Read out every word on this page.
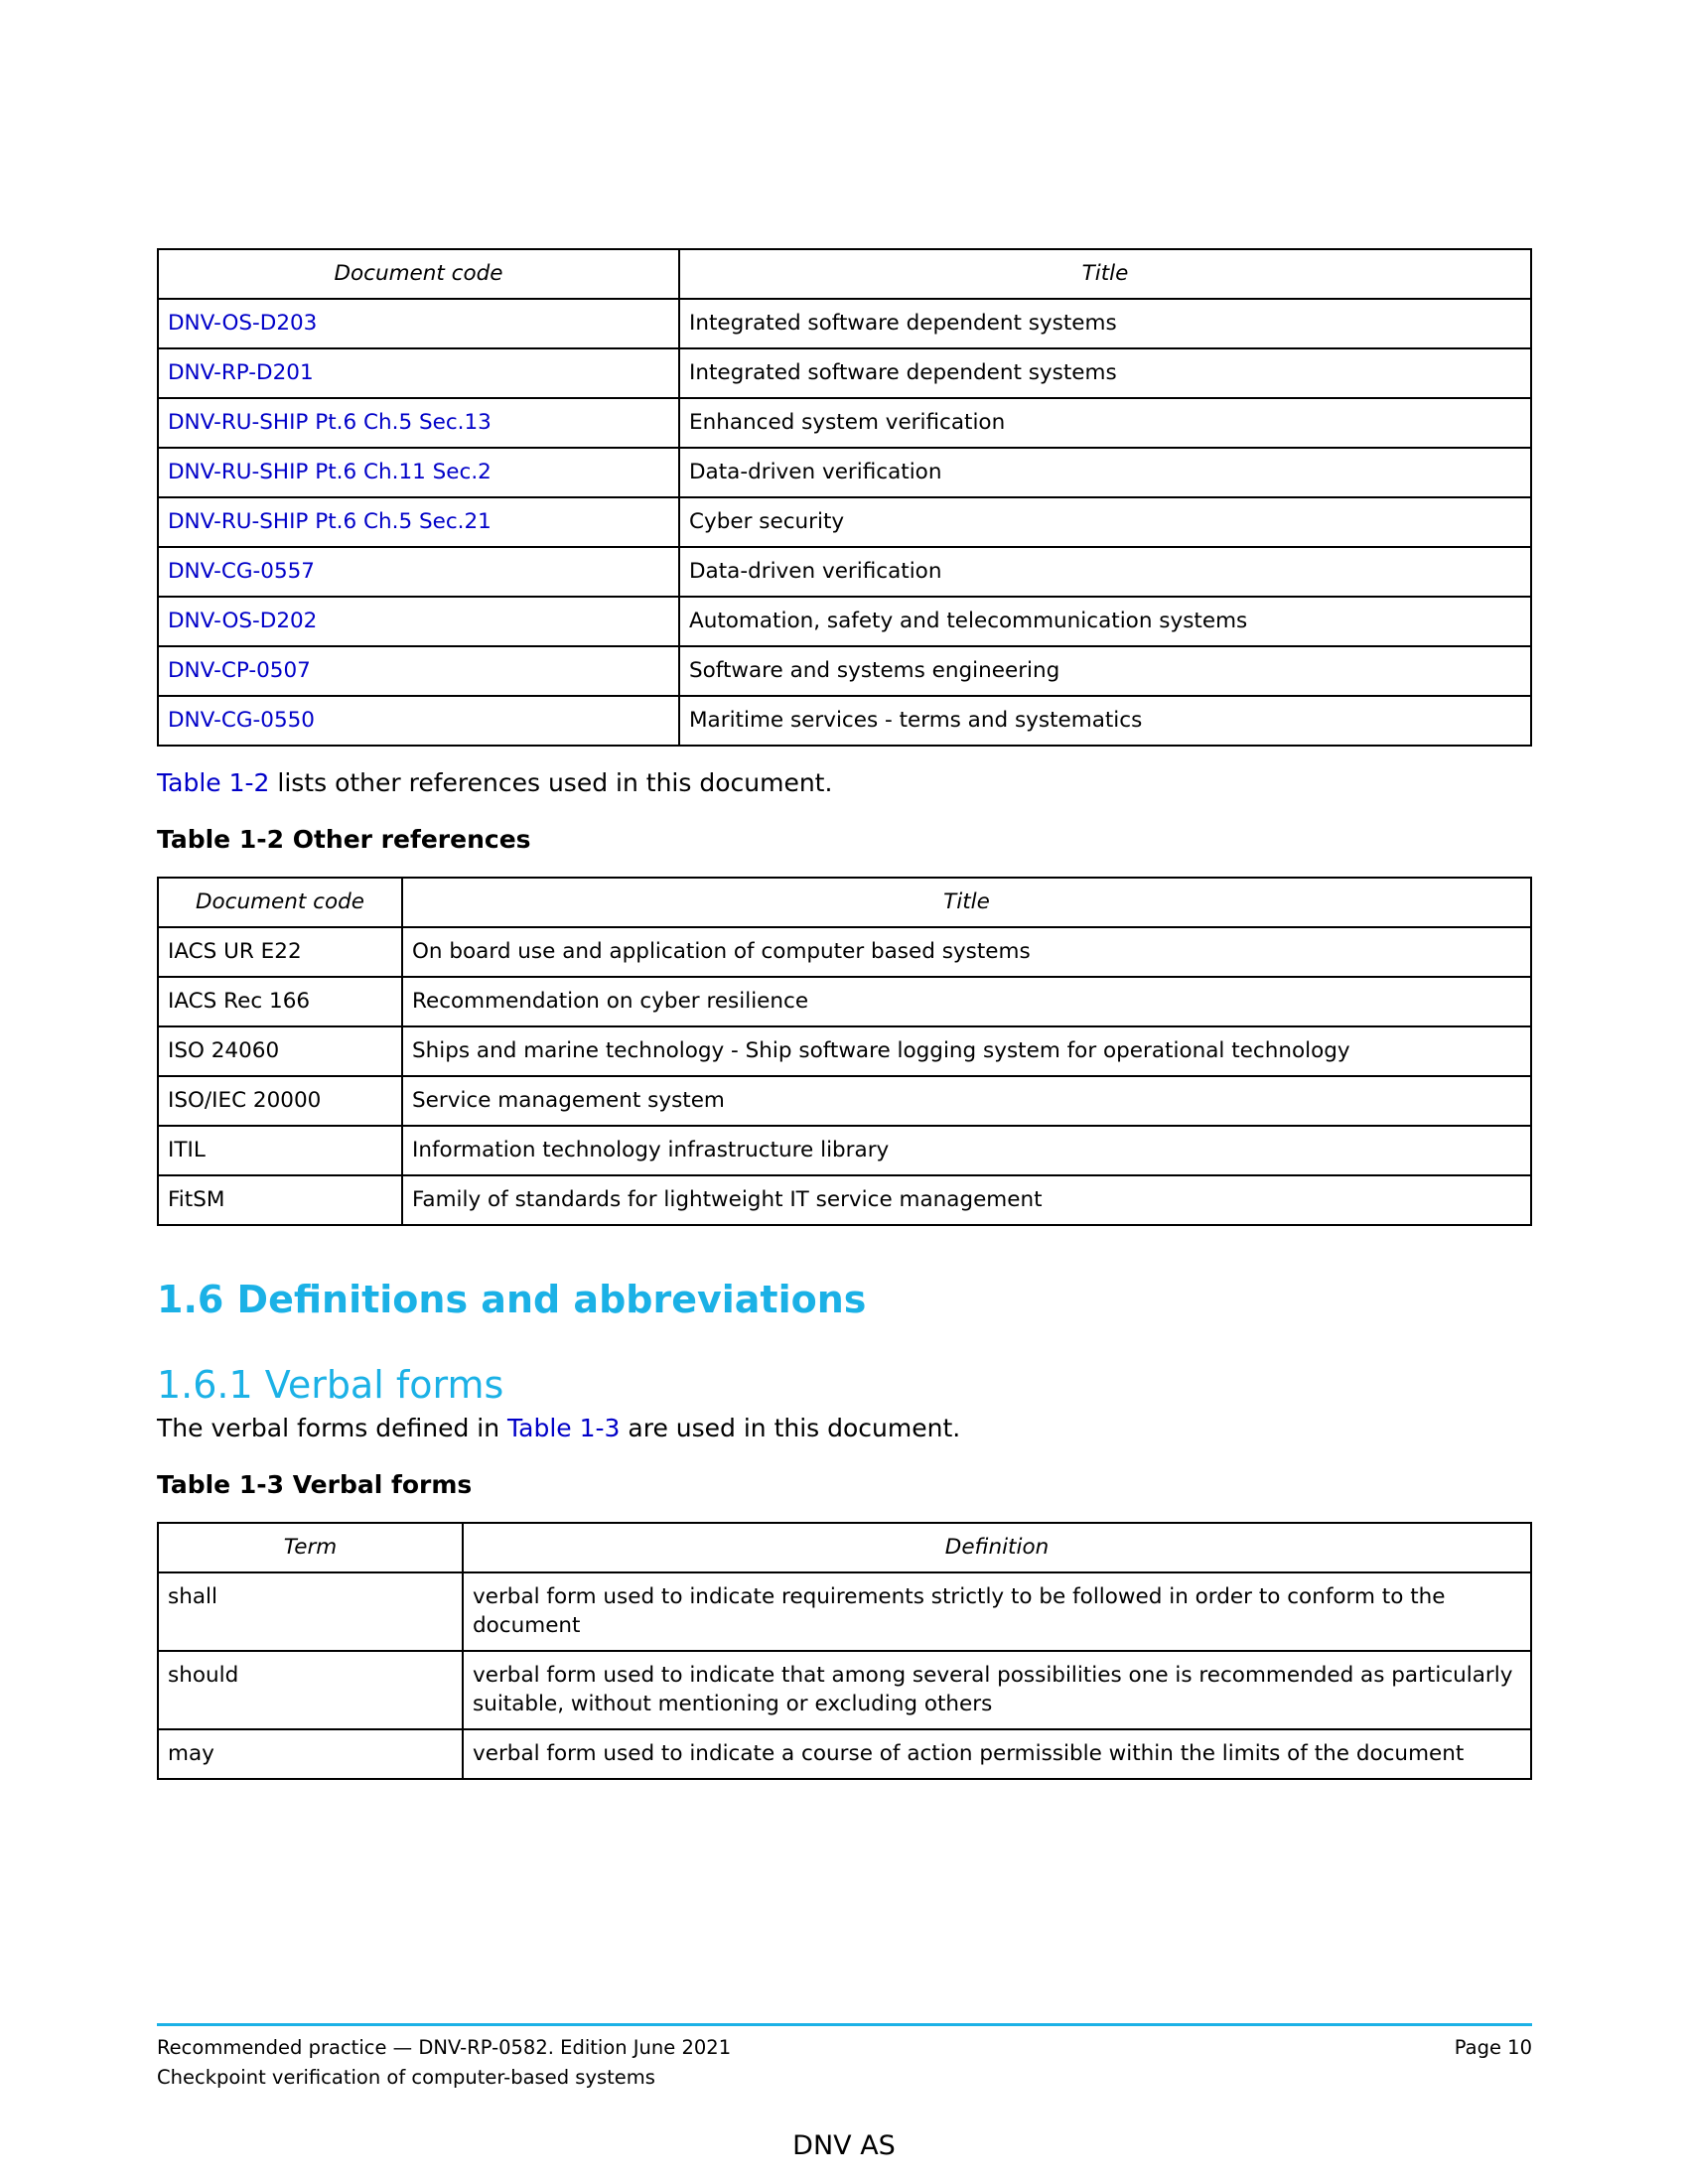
Document code	Title
DNV-OS-D203	Integrated software dependent systems
DNV-RP-D201	Integrated software dependent systems
DNV-RU-SHIP Pt.6 Ch.5 Sec.13	Enhanced system verification
DNV-RU-SHIP Pt.6 Ch.11 Sec.2	Data-driven verification
DNV-RU-SHIP Pt.6 Ch.5 Sec.21	Cyber security
DNV-CG-0557	Data-driven verification
DNV-OS-D202	Automation, safety and telecommunication systems
DNV-CP-0507	Software and systems engineering
DNV-CG-0550	Maritime services - terms and systematics

Table 1-2 lists other references used in this document.

Table 1-2 Other references

Document code	Title
IACS UR E22	On board use and application of computer based systems
IACS Rec 166	Recommendation on cyber resilience
ISO 24060	Ships and marine technology - Ship software logging system for operational technology
ISO/IEC 20000	Service management system
ITIL	Information technology infrastructure library
FitSM	Family of standards for lightweight IT service management
1.6 Definitions and abbreviations
1.6.1 Verbal forms

The verbal forms defined in Table 1-3 are used in this document.

Table 1-3 Verbal forms

Term	Definition
shall	verbal form used to indicate requirements strictly to be followed in order to conform to the document
should	verbal form used to indicate that among several possibilities one is recommended as particularly suitable, without mentioning or excluding others
may	verbal form used to indicate a course of action permissible within the limits of the document
Recommended practice — DNV-RP-0582. Edition June 2021
Checkpoint verification of computer-based systems
Page 10
DNV AS
